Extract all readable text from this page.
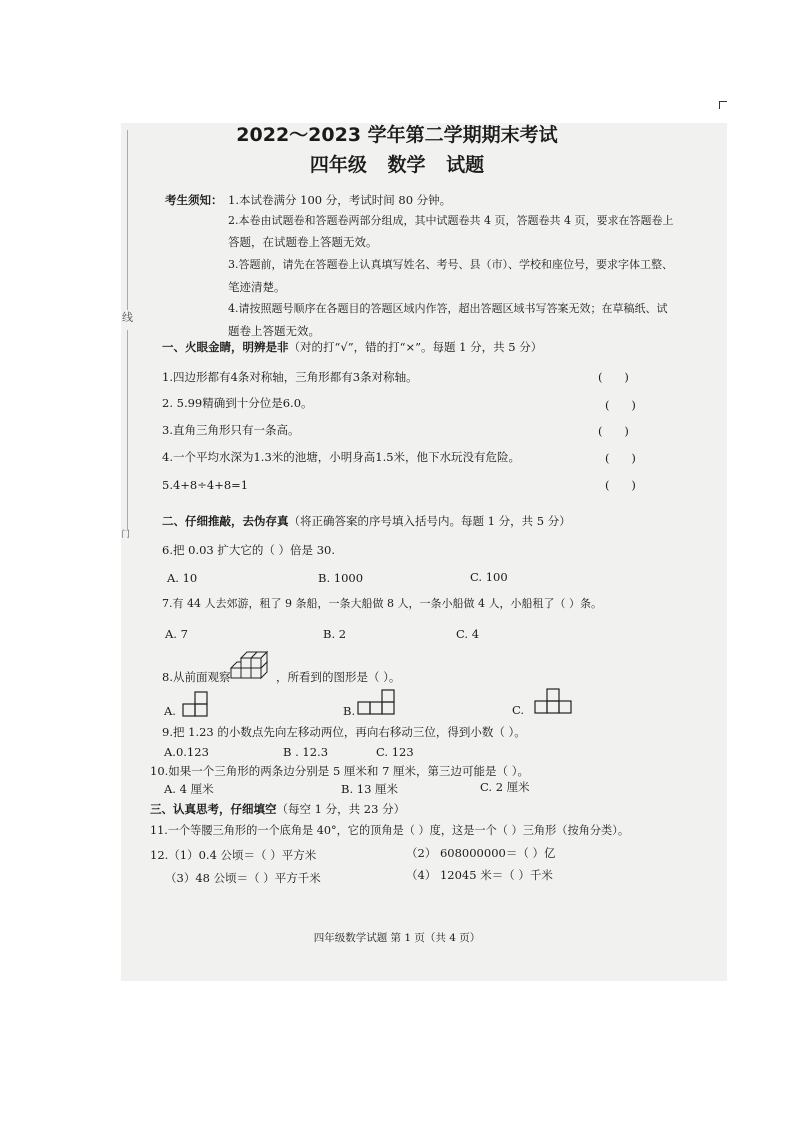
线
门
2022～2023 学年第二学期期末考试
四年级 数学 试题
考生须知： 1.本试卷满分 100 分，考试时间 80 分钟。
2.本卷由试题卷和答题卷两部分组成，其中试题卷共 4 页，答题卷共 4 页，要求在答题卷上
答题，在试题卷上答题无效。
3.答题前，请先在答题卷上认真填写姓名、考号、县（市）、学校和座位号，要求字体工整、
笔迹清楚。
4.请按照题号顺序在各题目的答题区域内作答，超出答题区域书写答案无效；在草稿纸、试
题卷上答题无效。
一、火眼金睛，明辨是非（对的打“√”，错的打“×”。每题 1 分，共 5 分）
1.四边形都有4条对称轴，三角形都有3条对称轴。	(      )
2. 5.99精确到十分位是6.0。	(      )
3.直角三角形只有一条高。	(      )
4.一个平均水深为1.3米的池塘，小明身高1.5米，他下水玩没有危险。	(      )
5.4+8÷4+8=1	(      )
二、仔细推敲，去伪存真（将正确答案的序号填入括号内。每题 1 分，共 5 分）
6.把 0.03 扩大它的（ ）倍是 30.
A. 10	B. 1000	C. 100
7.有 44 人去郊游，租了 9 条船，一条大船做 8 人，一条小船做 4 人，小船租了（ ）条。
A. 7	B. 2	C. 4
8.从前面观察	，所看到的图形是（ ）。
A.	B.	C.
9.把 1.23 的小数点先向左移动两位，再向右移动三位，得到小数（ ）。
A.0.123	B . 12.3	C. 123
10.如果一个三角形的两条边分别是 5 厘米和 7 厘米，第三边可能是（ ）。
A. 4 厘米	B. 13 厘米	C. 2 厘米
三、认真思考，仔细填空（每空 1 分，共 23 分）
11.一个等腰三角形的一个底角是 40°，它的顶角是（ ）度，这是一个（ ）三角形（按角分类）。
12.（1）0.4 公顷＝（ ）平方米	（2） 608000000＝（ ）亿
（3）48 公顷＝（ ）平方千米	（4） 12045 米＝（ ）千米
四年级数学试题 第 1 页（共 4 页）
